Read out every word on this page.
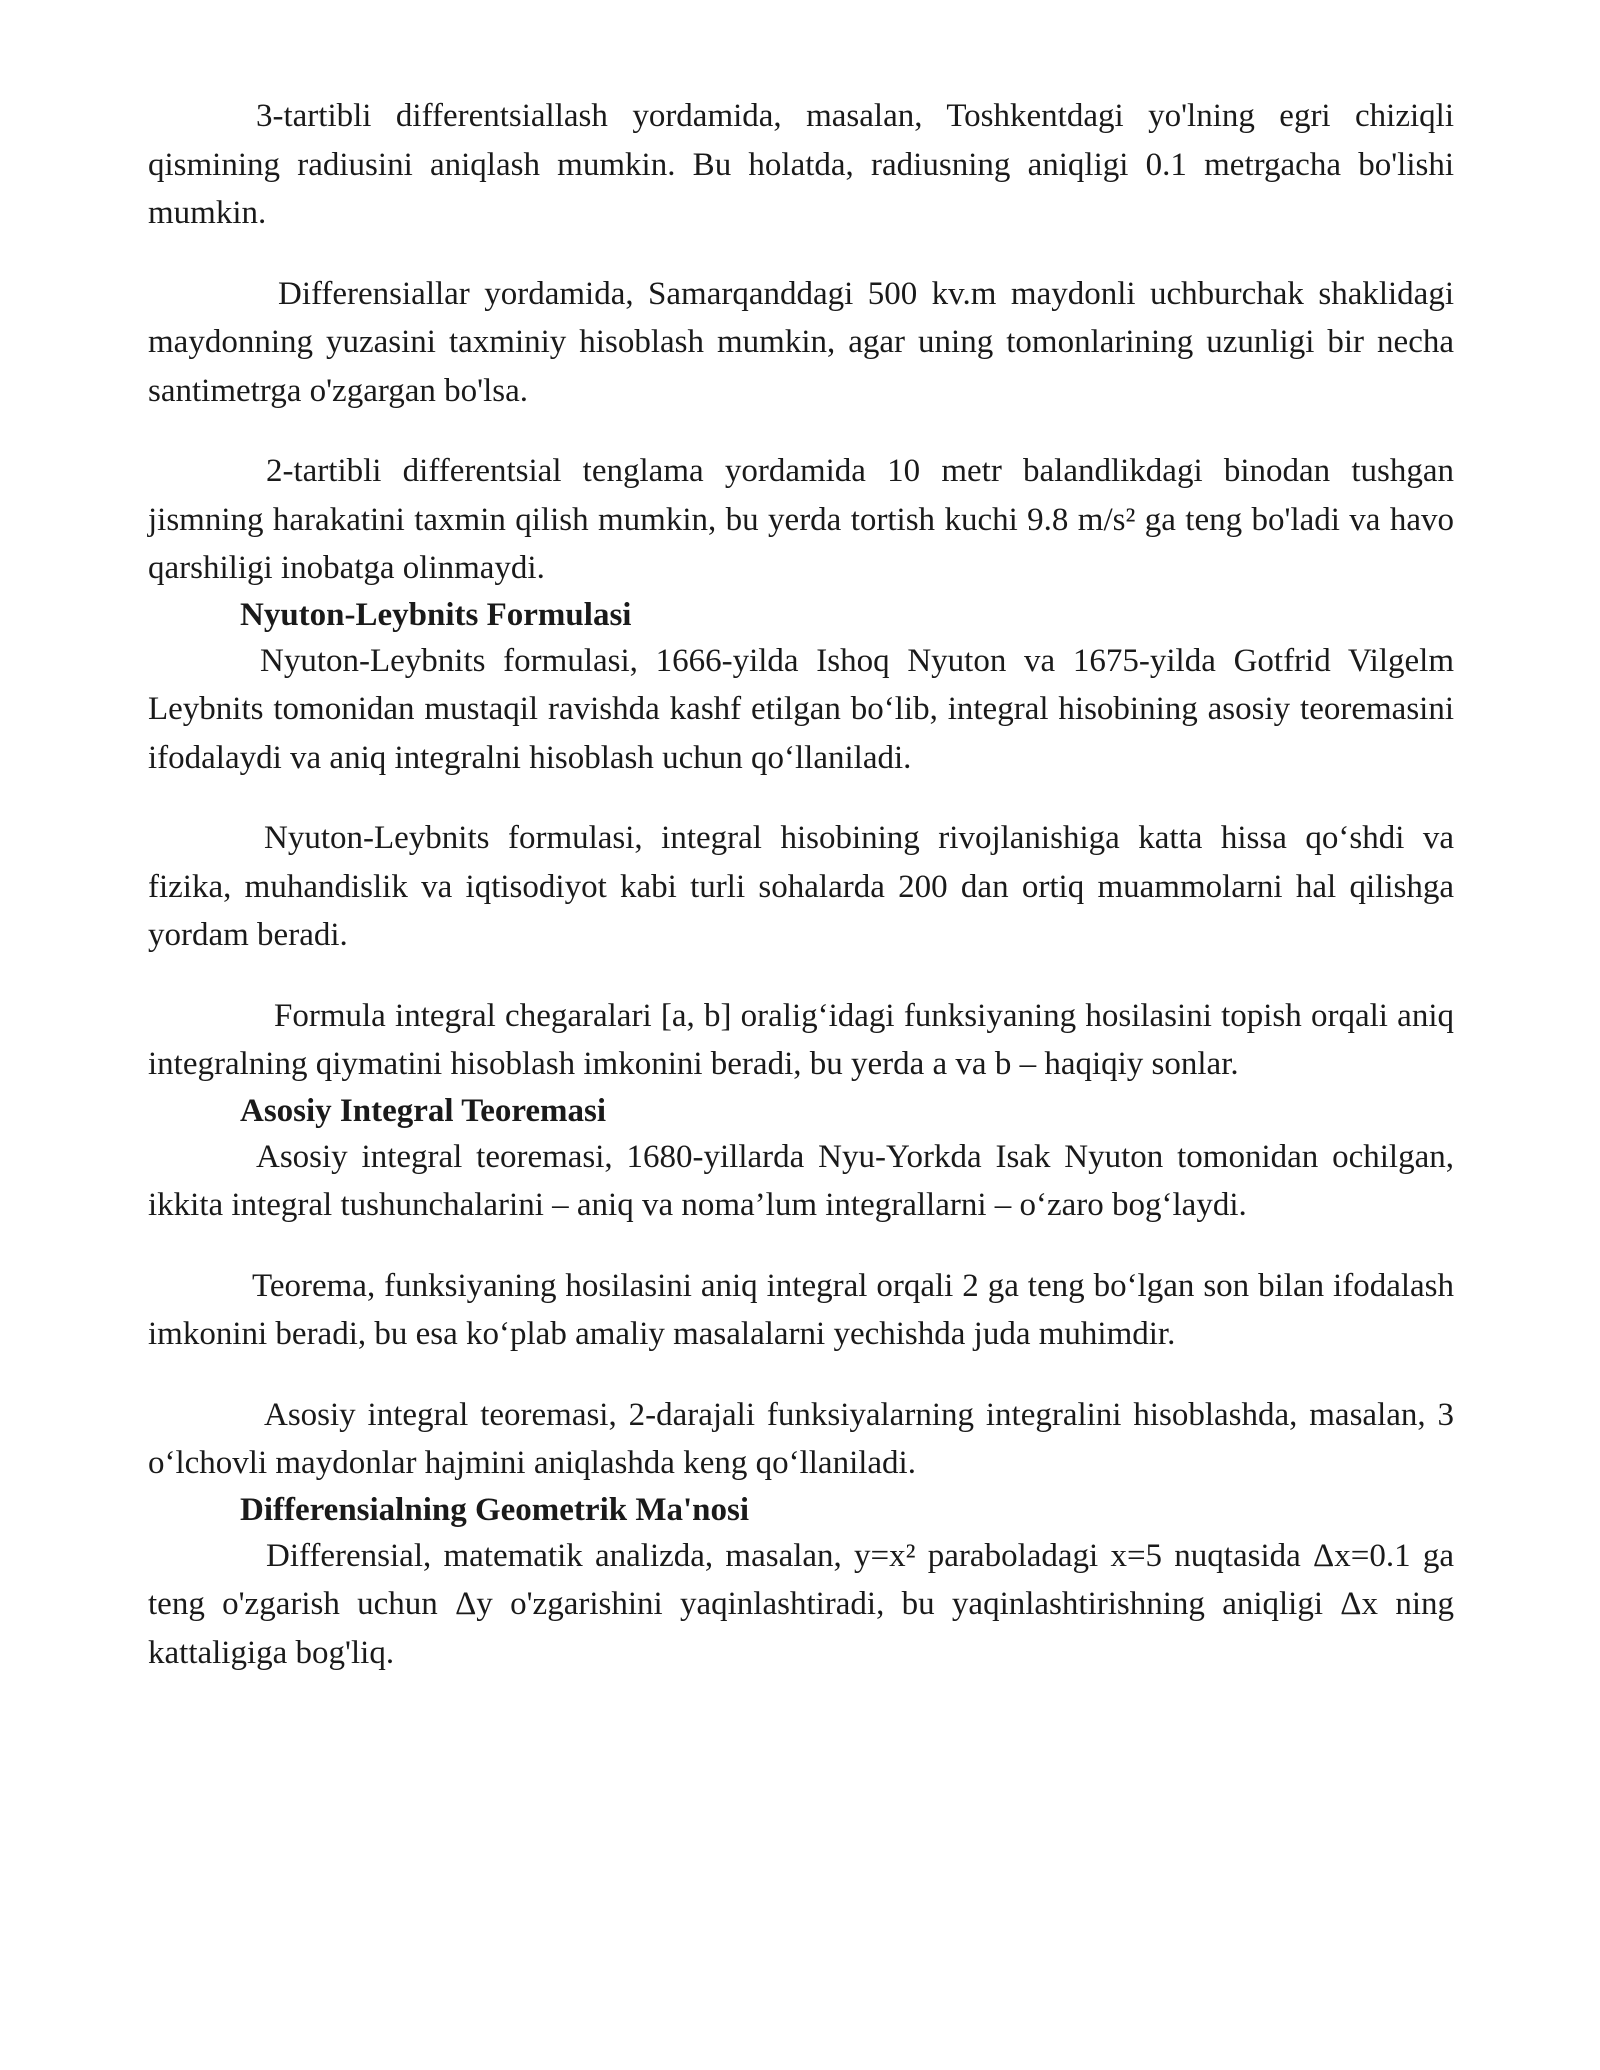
3-tartibli differentsiallash yordamida, masalan, Toshkentdagi yo'lning egri chiziqli qismining radiusini aniqlash mumkin. Bu holatda, radiusning aniqligi 0.1 metrgacha bo'lishi mumkin.

Differensiallar yordamida, Samarqanddagi 500 kv.m maydonli uchburchak shaklidagi maydonning yuzasini taxminiy hisoblash mumkin, agar uning tomonlarining uzunligi bir necha santimetrga o'zgargan bo'lsa.

2-tartibli differentsial tenglama yordamida 10 metr balandlikdagi binodan tushgan jismning harakatini taxmin qilish mumkin, bu yerda tortish kuchi 9.8 m/s² ga teng bo'ladi va havo qarshiligi inobatga olinmaydi.

Nyuton-Leybnits Formulasi

Nyuton-Leybnits formulasi, 1666-yilda Ishoq Nyuton va 1675-yilda Gotfrid Vilgelm Leybnits tomonidan mustaqil ravishda kashf etilgan bo‘lib, integral hisobining asosiy teoremasini ifodalaydi va aniq integralni hisoblash uchun qo‘llaniladi.

Nyuton-Leybnits formulasi, integral hisobining rivojlanishiga katta hissa qo‘shdi va fizika, muhandislik va iqtisodiyot kabi turli sohalarda 200 dan ortiq muammolarni hal qilishga yordam beradi.

Formula integral chegaralari [a, b] oralig‘idagi funksiyaning hosilasini topish orqali aniq integralning qiymatini hisoblash imkonini beradi, bu yerda a va b – haqiqiy sonlar.

Asosiy Integral Teoremasi

Asosiy integral teoremasi, 1680-yillarda Nyu-Yorkda Isak Nyuton tomonidan ochilgan, ikkita integral tushunchalarini – aniq va noma’lum integrallarni – o‘zaro bog‘laydi.

Teorema, funksiyaning hosilasini aniq integral orqali 2 ga teng bo‘lgan son bilan ifodalash imkonini beradi, bu esa ko‘plab amaliy masalalarni yechishda juda muhimdir.

Asosiy integral teoremasi, 2-darajali funksiyalarning integralini hisoblashda, masalan, 3 o‘lchovli maydonlar hajmini aniqlashda keng qo‘llaniladi.

Differensialning Geometrik Ma'nosi

Differensial, matematik analizda, masalan, y=x² paraboladagi x=5 nuqtasida Δx=0.1 ga teng o'zgarish uchun Δy o'zgarishini yaqinlashtiradi, bu yaqinlashtirishning aniqligi Δx ning kattaligiga bog'liq.
